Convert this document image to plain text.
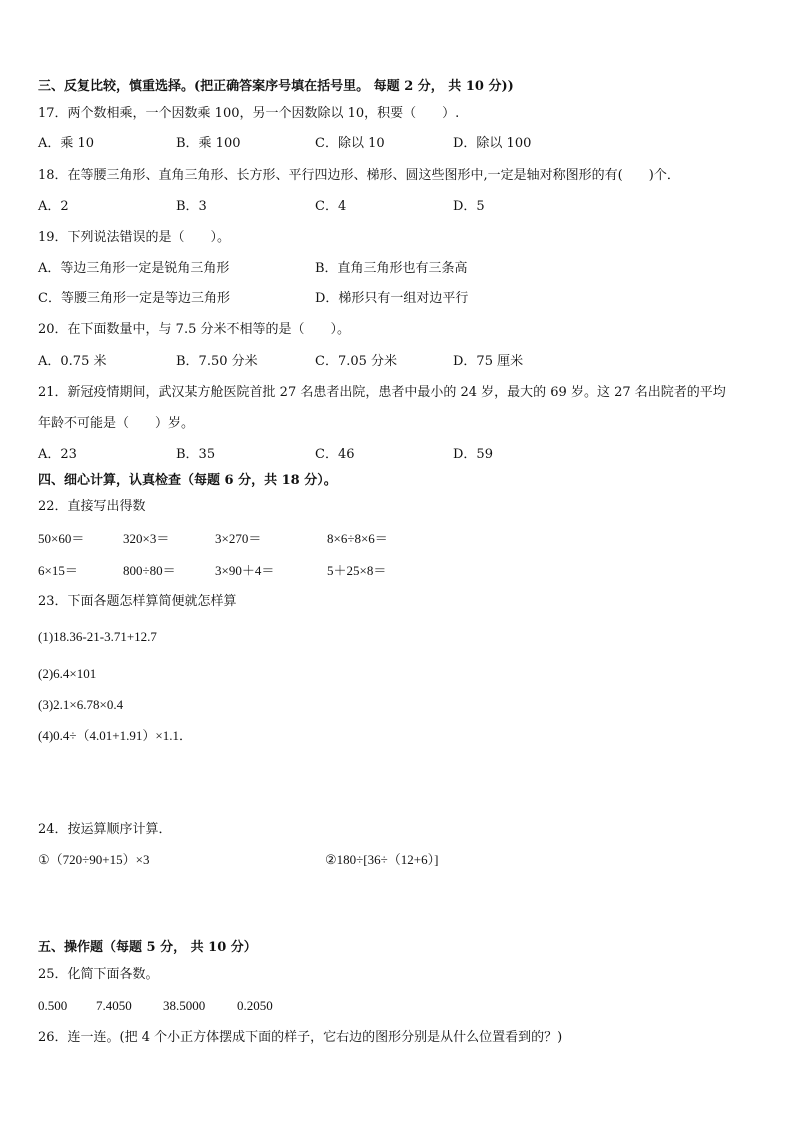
三、反复比较，慎重选择。(把正确答案序号填在括号里。 每题 2 分， 共 10 分))
17．两个数相乘，一个因数乘 100，另一个因数除以 10，积要（　　）.
A．乘 10	B．乘 100	C．除以 10	D．除以 100
18．在等腰三角形、直角三角形、长方形、平行四边形、梯形、圆这些图形中,一定是轴对称图形的有(　　)个．
A．2	B．3	C．4	D．5
19．下列说法错误的是（　　）。
A．等边三角形一定是锐角三角形	B．直角三角形也有三条高
C．等腰三角形一定是等边三角形	D．梯形只有一组对边平行
20．在下面数量中，与 7.5 分米不相等的是（　　）。
A．0.75 米	B．7.50 分米	C．7.05 分米	D．75 厘米
21．新冠疫情期间，武汉某方舱医院首批 27 名患者出院，患者中最小的 24 岁，最大的 69 岁。这 27 名出院者的平均
年龄不可能是（　　）岁。
A．23	B．35	C．46	D．59
四、细心计算，认真检查（每题 6 分，共 18 分）。
22．直接写出得数
50×60＝	320×3＝	3×270＝	8×6÷8×6＝
6×15＝	800÷80＝	3×90＋4＝	5＋25×8＝
23．下面各题怎样算简便就怎样算
(1)18.36-21-3.71+12.7
(2)6.4×101
(3)2.1×6.78×0.4
(4)0.4÷（4.01+1.91）×1.1．
24．按运算顺序计算．
①（720÷90+15）×3	②180÷[36÷（12+6）]
五、操作题（每题 5 分， 共 10 分）
25．化简下面各数。
0.500 7.4050 38.5000 0.2050
26．连一连。(把 4 个小正方体摆成下面的样子，它右边的图形分别是从什么位置看到的？)
